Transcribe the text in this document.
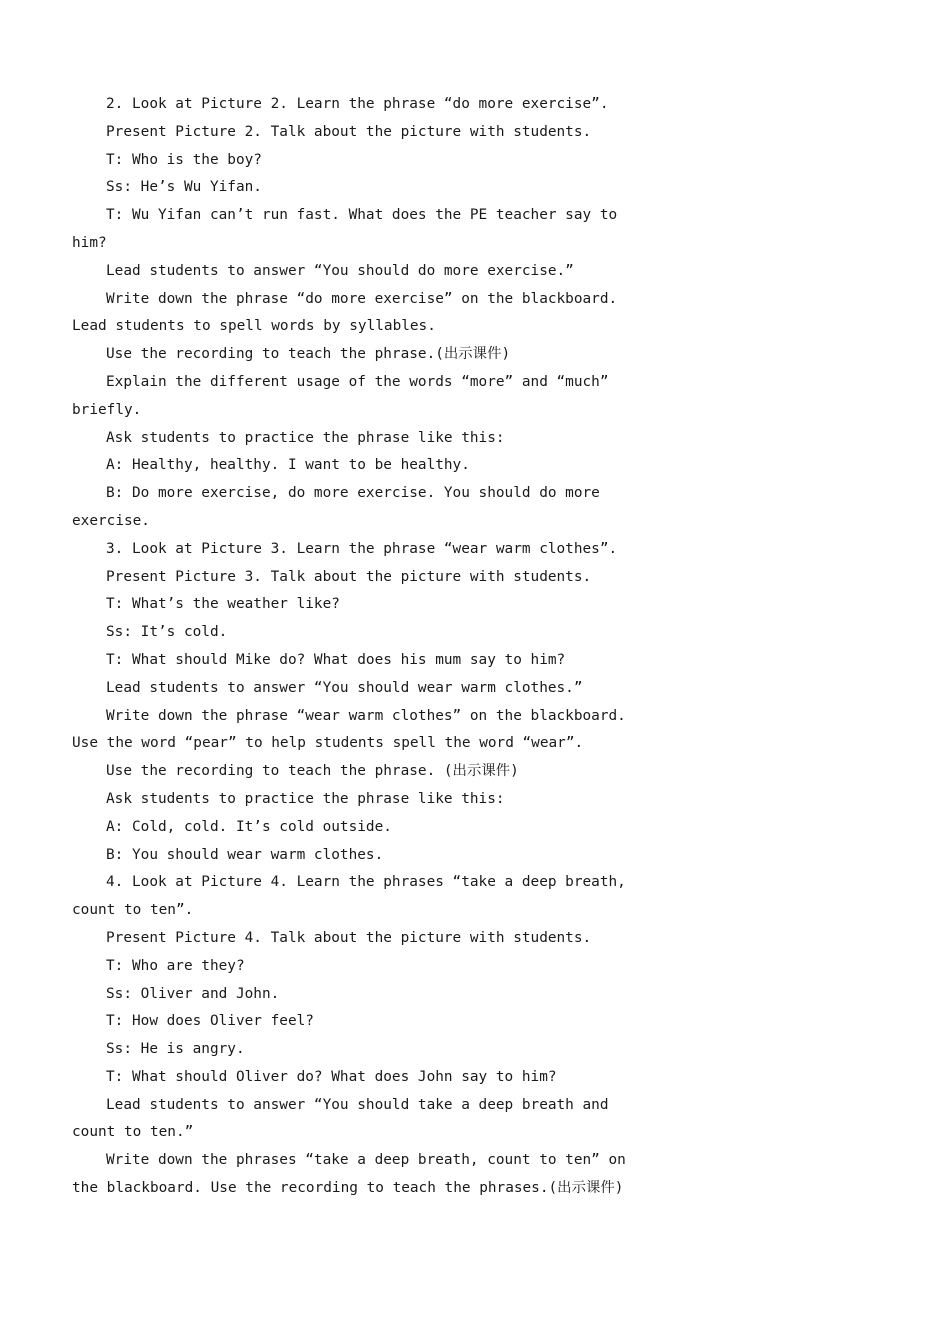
2. Look at Picture 2. Learn the phrase “do more exercise”.

Present Picture 2. Talk about the picture with students.

T: Who is the boy?

Ss: He’s Wu Yifan.

T: Wu Yifan can’t run fast. What does the PE teacher say to him?

Lead students to answer “You should do more exercise.”

Write down the phrase “do more exercise” on the blackboard. Lead students to spell words by syllables.

Use the recording to teach the phrase.(出示课件)

Explain the different usage of the words “more” and “much” briefly.

Ask students to practice the phrase like this:

A: Healthy, healthy. I want to be healthy.

B: Do more exercise, do more exercise. You should do more exercise.

3. Look at Picture 3. Learn the phrase “wear warm clothes”.

Present Picture 3. Talk about the picture with students.

T: What’s the weather like?

Ss: It’s cold.

T: What should Mike do? What does his mum say to him?

Lead students to answer “You should wear warm clothes.”

Write down the phrase “wear warm clothes” on the blackboard. Use the word “pear” to help students spell the word “wear”.

Use the recording to teach the phrase. (出示课件)

Ask students to practice the phrase like this:

A: Cold, cold. It’s cold outside.

B: You should wear warm clothes.

4. Look at Picture 4. Learn the phrases “take a deep breath, count to ten”.

Present Picture 4. Talk about the picture with students.

T: Who are they?

Ss: Oliver and John.

T: How does Oliver feel?

Ss: He is angry.

T: What should Oliver do? What does John say to him?

Lead students to answer “You should take a deep breath and count to ten.”

Write down the phrases “take a deep breath, count to ten” on the blackboard. Use the recording to teach the phrases.(出示课件)
